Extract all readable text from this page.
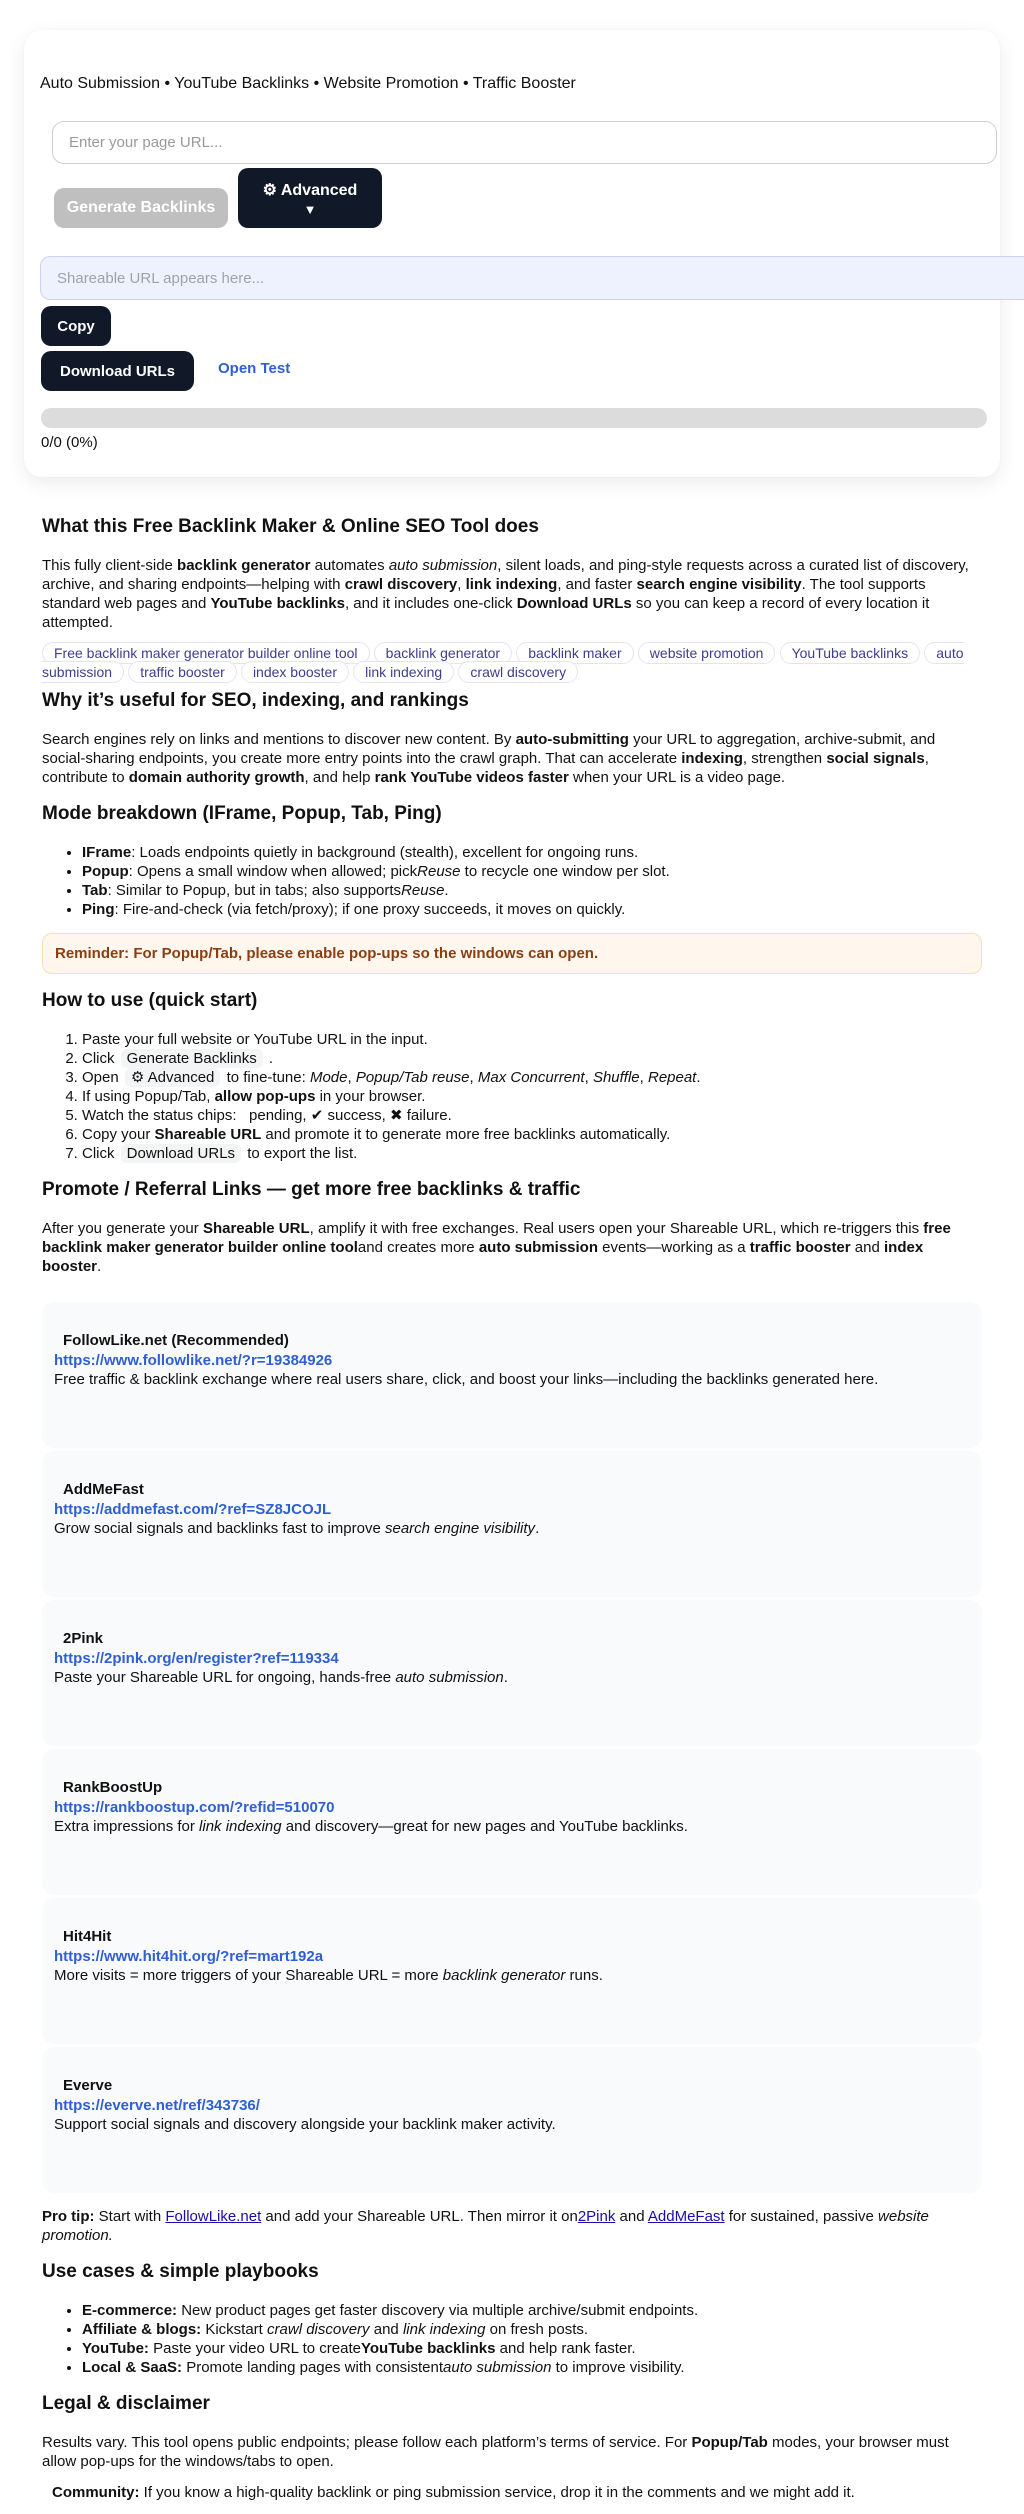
Auto Submission • YouTube Backlinks • Website Promotion • Traffic Booster
Enter your page URL...
Generate Backlinks
⚙ Advanced
▼
Shareable URL appears here...
Copy
Download URLs	Open Test
0/0 (0%)
What this Free Backlink Maker & Online SEO Tool does

This fully client-side backlink generator automates auto submission, silent loads, and ping-style requests across a curated list of discovery, archive, and sharing endpoints—helping with crawl discovery, link indexing, and faster search engine visibility. The tool supports standard web pages and YouTube backlinks, and it includes one-click Download URLs so you can keep a record of every location it attempted.

Free backlink maker generator builder online tool backlink generator backlink maker website promotion YouTube backlinks auto submission traffic booster index booster link indexing crawl discovery
Why it’s useful for SEO, indexing, and rankings

Search engines rely on links and mentions to discover new content. By auto-submitting your URL to aggregation, archive-submit, and social-sharing endpoints, you create more entry points into the crawl graph. That can accelerate indexing, strengthen social signals, contribute to domain authority growth, and help rank YouTube videos faster when your URL is a video page.

Mode breakdown (IFrame, Popup, Tab, Ping)
• IFrame: Loads endpoints quietly in background (stealth), excellent for ongoing runs.
• Popup: Opens a small window when allowed; pickReuse to recycle one window per slot.
• Tab: Similar to Popup, but in tabs; also supportsReuse.
• Ping: Fire-and-check (via fetch/proxy); if one proxy succeeds, it moves on quickly.
Reminder: For Popup/Tab, please enable pop-ups so the windows can open.
How to use (quick start)
1. Paste your full website or YouTube URL in the input.
2. Click Generate Backlinks .
3. Open ⚙ Advanced to fine-tune: Mode, Popup/Tab reuse, Max Concurrent, Shuffle, Repeat.
4. If using Popup/Tab, allow pop-ups in your browser.
5. Watch the status chips:   pending, ✔ success, ✖ failure.
6. Copy your Shareable URL and promote it to generate more free backlinks automatically.
7. Click Download URLs to export the list.
Promote / Referral Links — get more free backlinks & traffic

After you generate your Shareable URL, amplify it with free exchanges. Real users open your Shareable URL, which re-triggers this free backlink maker generator builder online tooland creates more auto submission events—working as a traffic booster and index booster.

FollowLike.net (Recommended)
https://www.followlike.net/?r=19384926
Free traffic & backlink exchange where real users share, click, and boost your links—including the backlinks generated here.
AddMeFast
https://addmefast.com/?ref=SZ8JCOJL
Grow social signals and backlinks fast to improve search engine visibility.
2Pink
https://2pink.org/en/register?ref=119334
Paste your Shareable URL for ongoing, hands-free auto submission.
RankBoostUp
https://rankboostup.com/?refid=510070
Extra impressions for link indexing and discovery—great for new pages and YouTube backlinks.
Hit4Hit
https://www.hit4hit.org/?ref=mart192a
More visits = more triggers of your Shareable URL = more backlink generator runs.
Everve
https://everve.net/ref/343736/
Support social signals and discovery alongside your backlink maker activity.

Pro tip: Start with FollowLike.net and add your Shareable URL. Then mirror it on2Pink and AddMeFast for sustained, passive website promotion.

Use cases & simple playbooks
• E-commerce: New product pages get faster discovery via multiple archive/submit endpoints.
• Affiliate & blogs: Kickstart crawl discovery and link indexing on fresh posts.
• YouTube: Paste your video URL to createYouTube backlinks and help rank faster.
• Local & SaaS: Promote landing pages with consistentauto submission to improve visibility.
Legal & disclaimer

Results vary. This tool opens public endpoints; please follow each platform’s terms of service. For Popup/Tab modes, your browser must allow pop-ups for the windows/tabs to open.

Community: If you know a high-quality backlink or ping submission service, drop it in the comments and we might add it.
